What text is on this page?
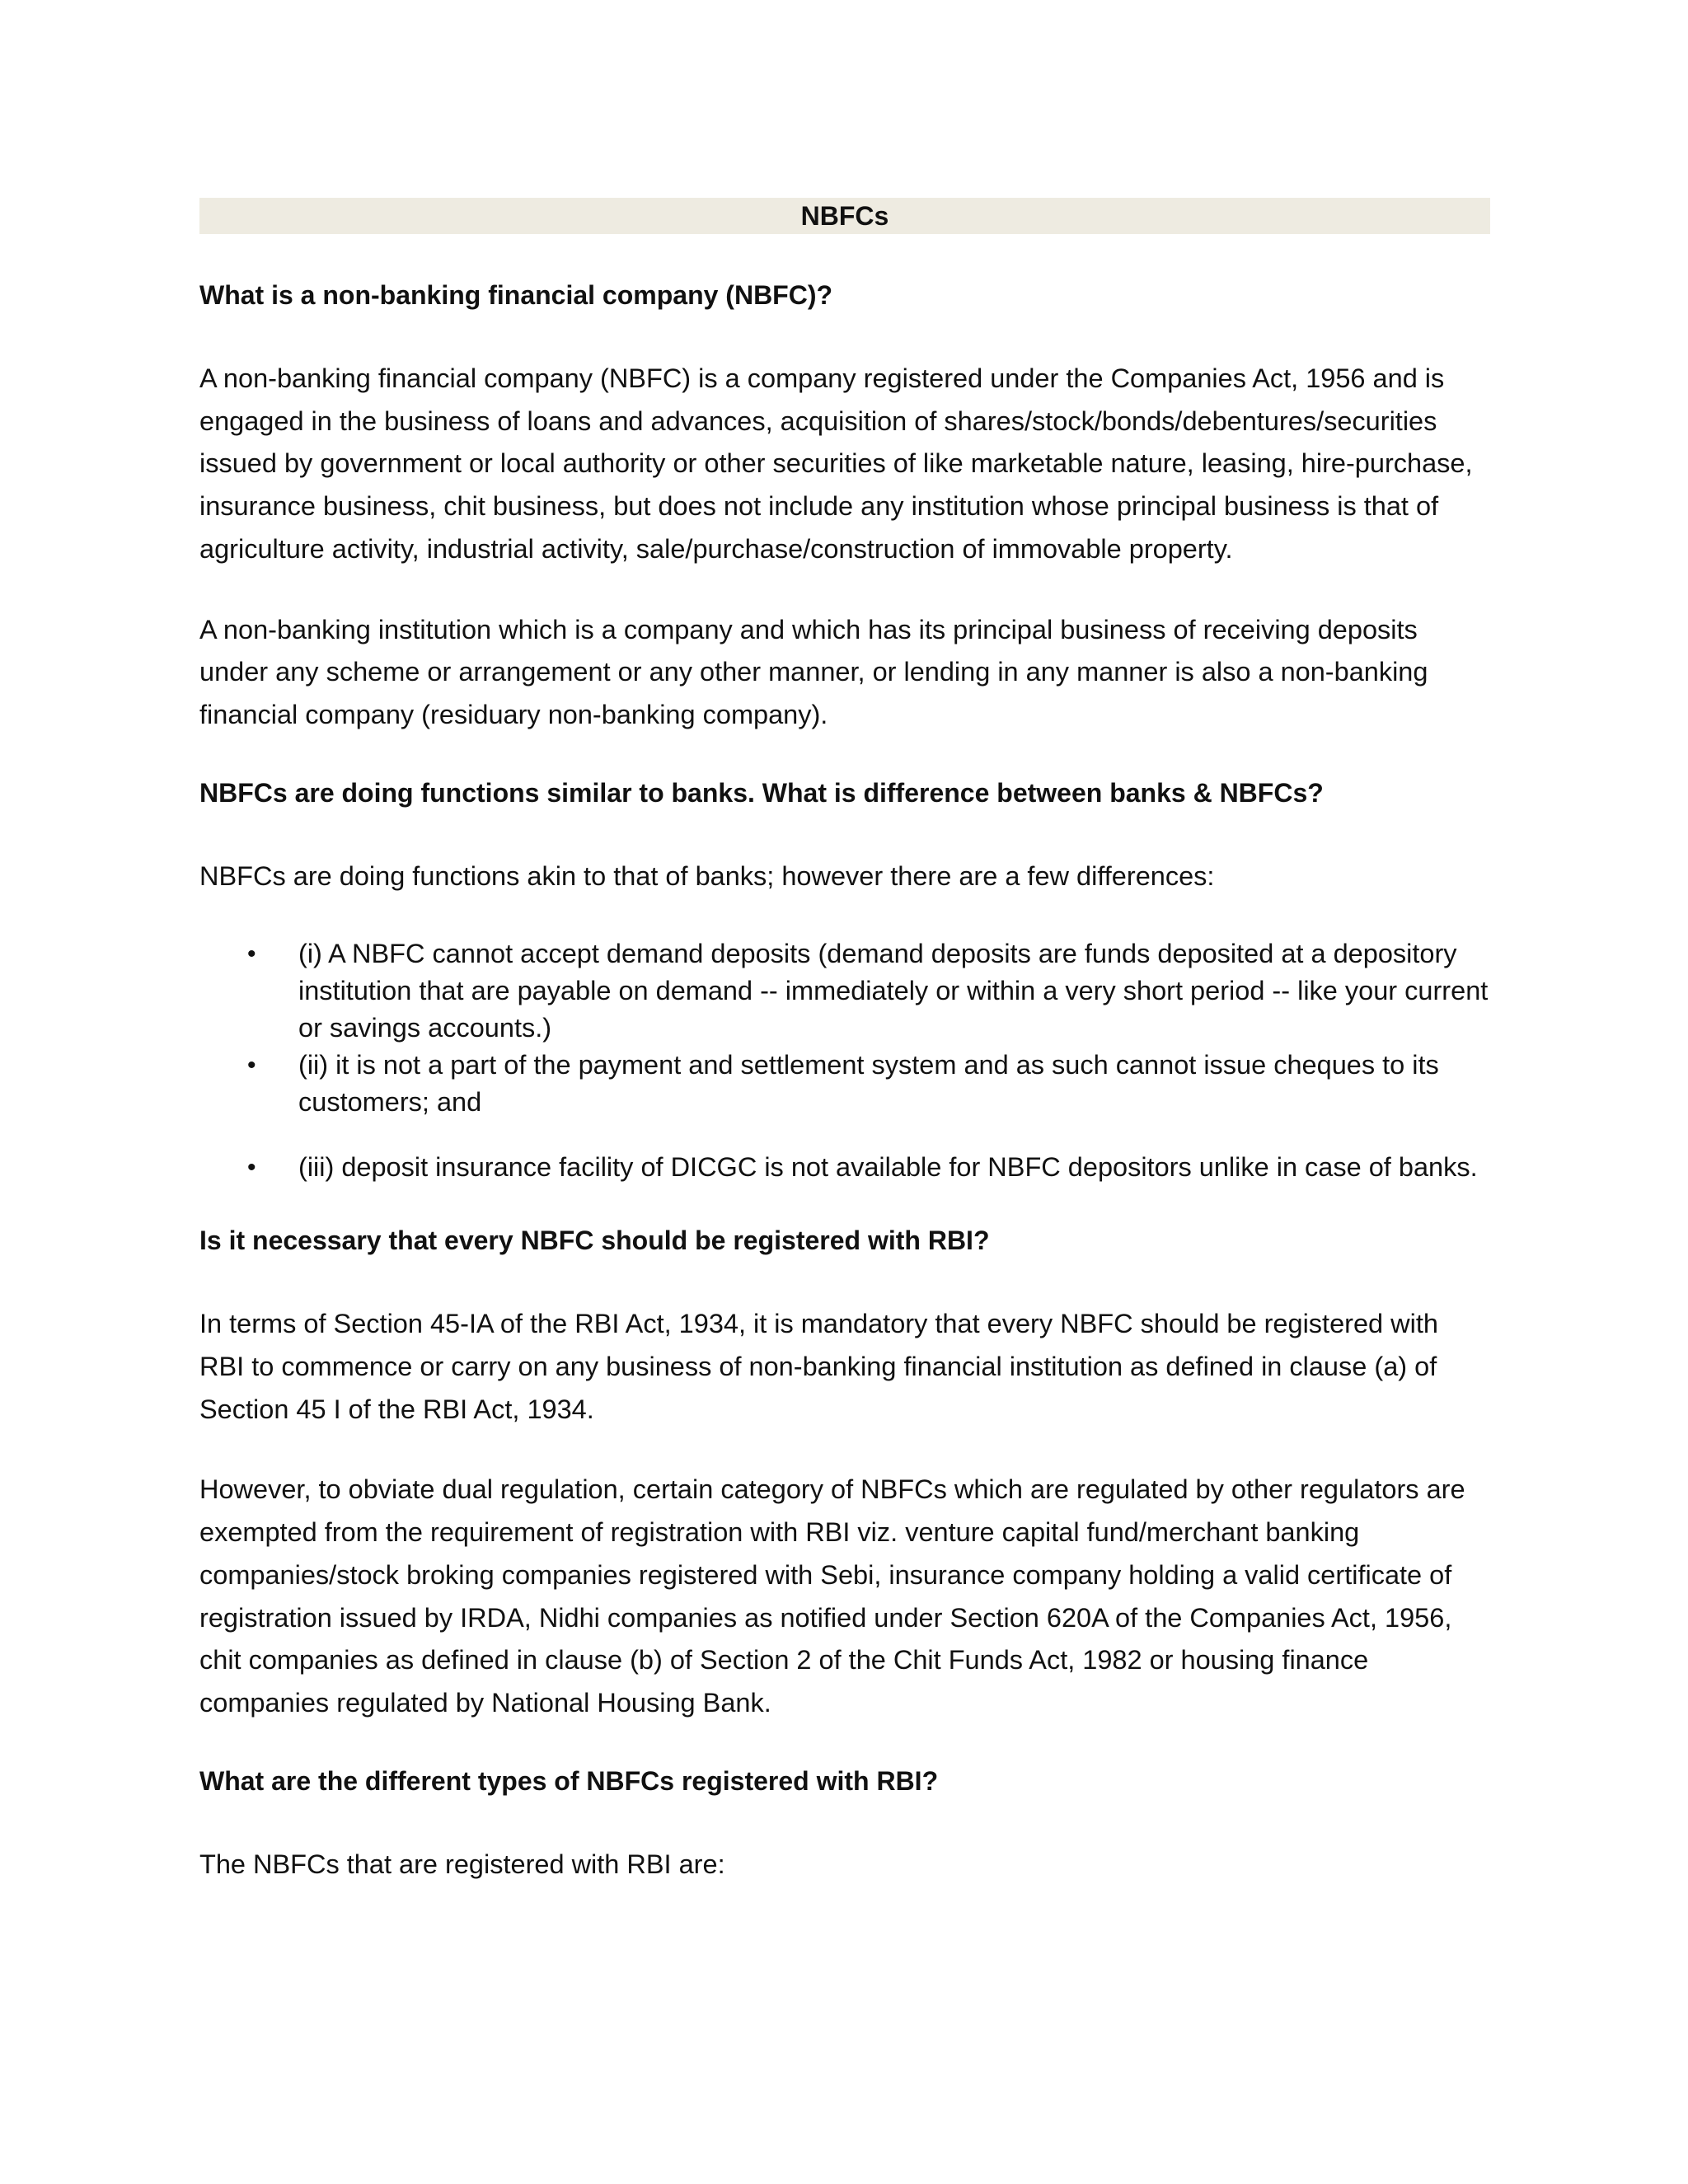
NBFCs
What is a non-banking financial company (NBFC)?

A non-banking financial company (NBFC) is a company registered under the Companies Act, 1956 and is engaged in the business of loans and advances, acquisition of shares/stock/bonds/debentures/securities issued by government or local authority or other securities of like marketable nature, leasing, hire-purchase, insurance business, chit business, but does not include any institution whose principal business is that of agriculture activity, industrial activity, sale/purchase/construction of immovable property.

A non-banking institution which is a company and which has its principal business of receiving deposits under any scheme or arrangement or any other manner, or lending in any manner is also a non-banking financial company (residuary non-banking company).

NBFCs are doing functions similar to banks. What is difference between banks & NBFCs?

NBFCs are doing functions akin to that of banks; however there are a few differences:

• (i) A NBFC cannot accept demand deposits (demand deposits are funds deposited at a depository institution that are payable on demand -- immediately or within a very short period -- like your current or savings accounts.)
• (ii) it is not a part of the payment and settlement system and as such cannot issue cheques to its customers; and
• (iii) deposit insurance facility of DICGC is not available for NBFC depositors unlike in case of banks.
Is it necessary that every NBFC should be registered with RBI?

In terms of Section 45-IA of the RBI Act, 1934, it is mandatory that every NBFC should be registered with RBI to commence or carry on any business of non-banking financial institution as defined in clause (a) of Section 45 I of the RBI Act, 1934.

However, to obviate dual regulation, certain category of NBFCs which are regulated by other regulators are exempted from the requirement of registration with RBI viz. venture capital fund/merchant banking companies/stock broking companies registered with Sebi, insurance company holding a valid certificate of registration issued by IRDA, Nidhi companies as notified under Section 620A of the Companies Act, 1956, chit companies as defined in clause (b) of Section 2 of the Chit Funds Act, 1982 or housing finance companies regulated by National Housing Bank.

What are the different types of NBFCs registered with RBI?

The NBFCs that are registered with RBI are:
